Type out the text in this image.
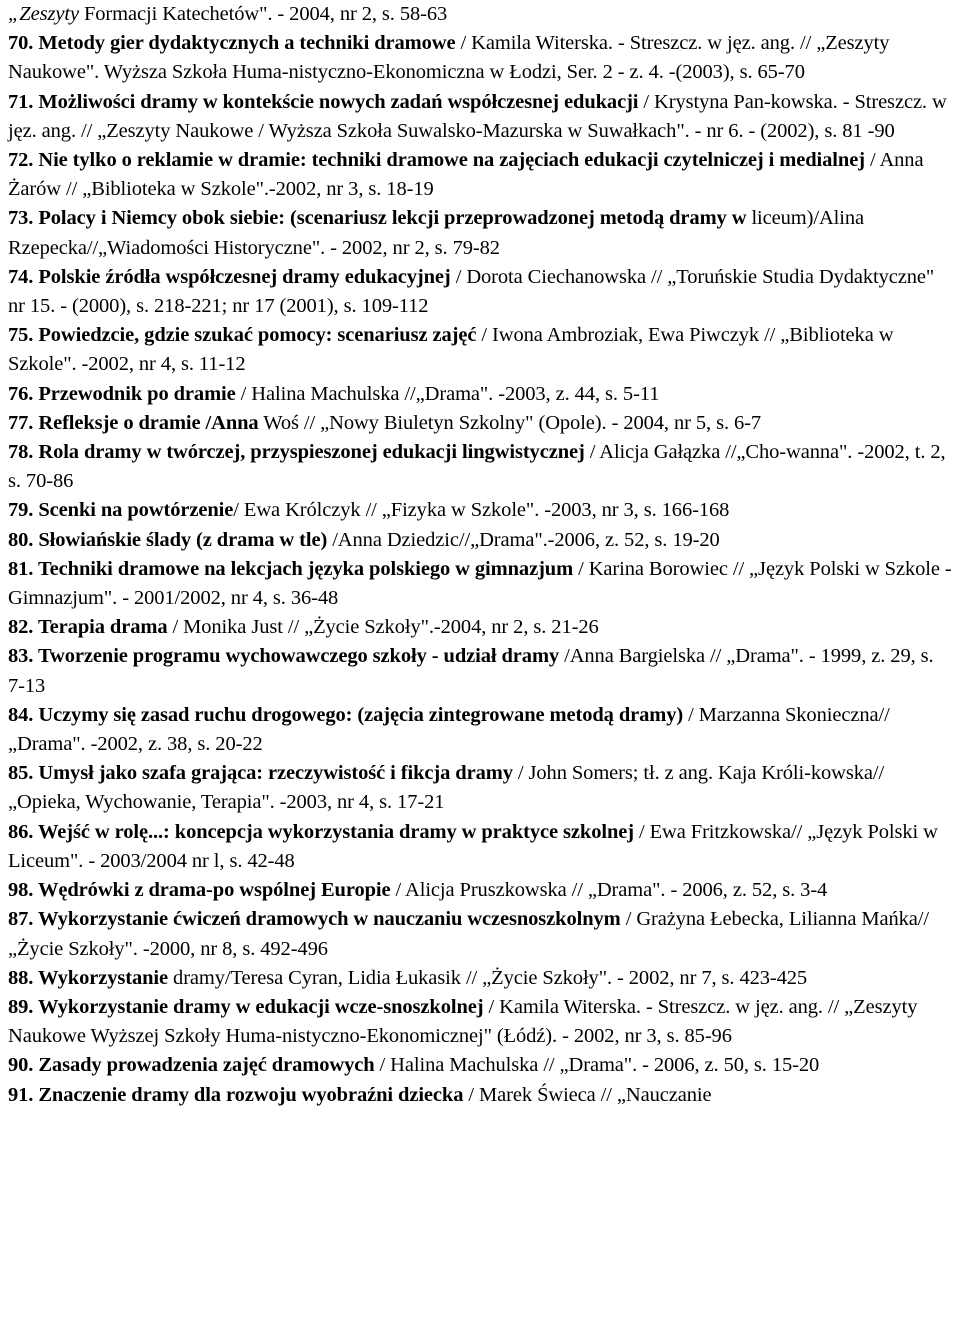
„Zeszyty Formacji Katechetów". - 2004, nr 2, s. 58-63

70. Metody gier dydaktycznych a techniki dramowe / Kamila Witerska. - Streszcz. w jęz. ang. // „Zeszyty Naukowe". Wyższa Szkoła Huma-nistyczno-Ekonomiczna w Łodzi, Ser. 2 - z. 4. -(2003), s. 65-70

71. Możliwości dramy w kontekście nowych zadań współczesnej edukacji / Krystyna Pan-kowska. - Streszcz. w jęz. ang. // „Zeszyty Naukowe / Wyższa Szkoła Suwalsko-Mazurska w Suwałkach". - nr 6. - (2002), s. 81 -90

72. Nie tylko o reklamie w dramie: techniki dramowe na zajęciach edukacji czytelniczej i medialnej / Anna Żarów // „Biblioteka w Szkole".-2002, nr 3, s. 18-19

73. Polacy i Niemcy obok siebie: (scenariusz lekcji przeprowadzonej metodą dramy w liceum)/Alina Rzepecka//„Wiadomości Historyczne". - 2002, nr 2, s. 79-82

74. Polskie źródła współczesnej dramy edukacyjnej / Dorota Ciechanowska // „Toruńskie Studia Dydaktyczne" nr 15. - (2000), s. 218-221; nr 17 (2001), s. 109-112

75. Powiedzcie, gdzie szukać pomocy: scenariusz zajęć / Iwona Ambroziak, Ewa Piwczyk // „Biblioteka w Szkole". -2002, nr 4, s. 11-12

76. Przewodnik po dramie / Halina Machulska //„Drama". -2003, z. 44, s. 5-11

77. Refleksje o dramie /Anna Woś // „Nowy Biuletyn Szkolny" (Opole). - 2004, nr 5, s. 6-7

78. Rola dramy w twórczej, przyspieszonej edukacji lingwistycznej / Alicja Gałązka //„Cho-wanna". -2002, t. 2, s. 70-86

79. Scenki na powtórzenie/ Ewa Królczyk // „Fizyka w Szkole". -2003, nr 3, s. 166-168

80. Słowiańskie ślady (z drama w tle) /Anna Dziedzic//„Drama".-2006, z. 52, s. 19-20

81. Techniki dramowe na lekcjach języka polskiego w gimnazjum / Karina Borowiec // „Język Polski w Szkole - Gimnazjum". - 2001/2002, nr 4, s. 36-48

82. Terapia drama / Monika Just // „Życie Szkoły".-2004, nr 2, s. 21-26

83. Tworzenie programu wychowawczego szkoły - udział dramy /Anna Bargielska // „Drama". - 1999, z. 29, s. 7-13

84. Uczymy się zasad ruchu drogowego: (zajęcia zintegrowane metodą dramy) / Marzanna Skonieczna//„Drama". -2002, z. 38, s. 20-22

85. Umysł jako szafa grająca: rzeczywistość i fikcja dramy / John Somers; tł. z ang. Kaja Króli-kowska// „Opieka, Wychowanie, Terapia". -2003, nr 4, s. 17-21

86. Wejść w rolę...: koncepcja wykorzystania dramy w praktyce szkolnej / Ewa Fritzkowska// „Język Polski w Liceum". - 2003/2004 nr l, s. 42-48

98. Wędrówki z drama-po wspólnej Europie / Alicja Pruszkowska // „Drama". - 2006, z. 52, s. 3-4

87. Wykorzystanie ćwiczeń dramowych w nauczaniu wczesnoszkolnym / Grażyna Łebecka, Lilianna Mańka//„Życie Szkoły". -2000, nr 8, s. 492-496

88. Wykorzystanie dramy/Teresa Cyran, Lidia Łukasik // „Życie Szkoły". - 2002, nr 7, s. 423-425

89. Wykorzystanie dramy w edukacji wcze-snoszkolnej / Kamila Witerska. - Streszcz. w jęz. ang. // „Zeszyty Naukowe Wyższej Szkoły Huma-nistyczno-Ekonomicznej" (Łódź). - 2002, nr 3, s. 85-96

90. Zasady prowadzenia zajęć dramowych / Halina Machulska // „Drama". - 2006, z. 50, s. 15-20

91. Znaczenie dramy dla rozwoju wyobraźni dziecka / Marek Świeca // „Nauczanie
